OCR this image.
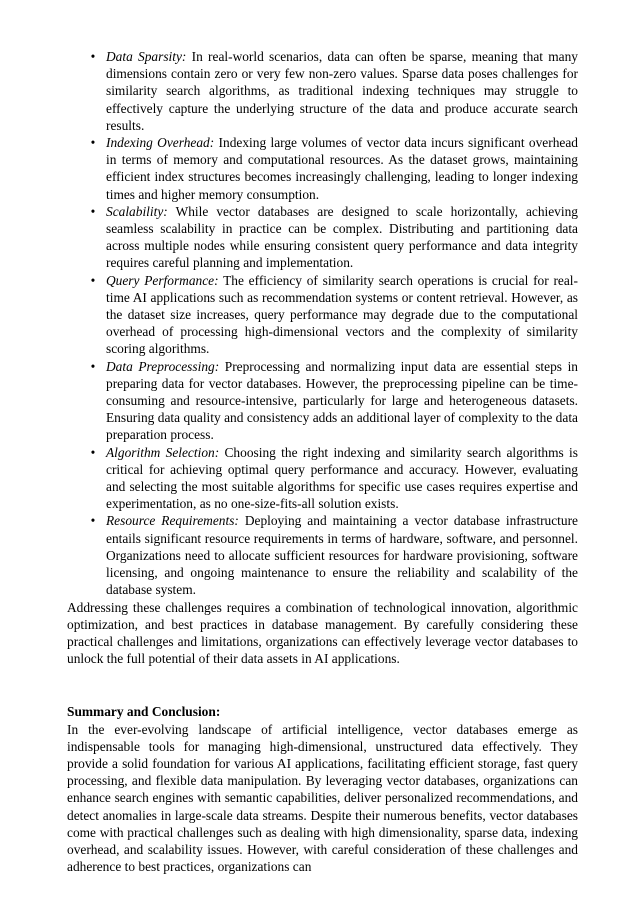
• Data Sparsity: In real-world scenarios, data can often be sparse, meaning that many dimensions contain zero or very few non-zero values. Sparse data poses challenges for similarity search algorithms, as traditional indexing techniques may struggle to effectively capture the underlying structure of the data and produce accurate search results.
• Indexing Overhead: Indexing large volumes of vector data incurs significant overhead in terms of memory and computational resources. As the dataset grows, maintaining efficient index structures becomes increasingly challenging, leading to longer indexing times and higher memory consumption.
• Scalability: While vector databases are designed to scale horizontally, achieving seamless scalability in practice can be complex. Distributing and partitioning data across multiple nodes while ensuring consistent query performance and data integrity requires careful planning and implementation.
• Query Performance: The efficiency of similarity search operations is crucial for real-time AI applications such as recommendation systems or content retrieval. However, as the dataset size increases, query performance may degrade due to the computational overhead of processing high-dimensional vectors and the complexity of similarity scoring algorithms.
• Data Preprocessing: Preprocessing and normalizing input data are essential steps in preparing data for vector databases. However, the preprocessing pipeline can be time-consuming and resource-intensive, particularly for large and heterogeneous datasets. Ensuring data quality and consistency adds an additional layer of complexity to the data preparation process.
• Algorithm Selection: Choosing the right indexing and similarity search algorithms is critical for achieving optimal query performance and accuracy. However, evaluating and selecting the most suitable algorithms for specific use cases requires expertise and experimentation, as no one-size-fits-all solution exists.
• Resource Requirements: Deploying and maintaining a vector database infrastructure entails significant resource requirements in terms of hardware, software, and personnel. Organizations need to allocate sufficient resources for hardware provisioning, software licensing, and ongoing maintenance to ensure the reliability and scalability of the database system.

Addressing these challenges requires a combination of technological innovation, algorithmic optimization, and best practices in database management. By carefully considering these practical challenges and limitations, organizations can effectively leverage vector databases to unlock the full potential of their data assets in AI applications.

Summary and Conclusion:

In the ever-evolving landscape of artificial intelligence, vector databases emerge as indispensable tools for managing high-dimensional, unstructured data effectively. They provide a solid foundation for various AI applications, facilitating efficient storage, fast query processing, and flexible data manipulation. By leveraging vector databases, organizations can enhance search engines with semantic capabilities, deliver personalized recommendations, and detect anomalies in large-scale data streams. Despite their numerous benefits, vector databases come with practical challenges such as dealing with high dimensionality, sparse data, indexing overhead, and scalability issues. However, with careful consideration of these challenges and adherence to best practices, organizations can
